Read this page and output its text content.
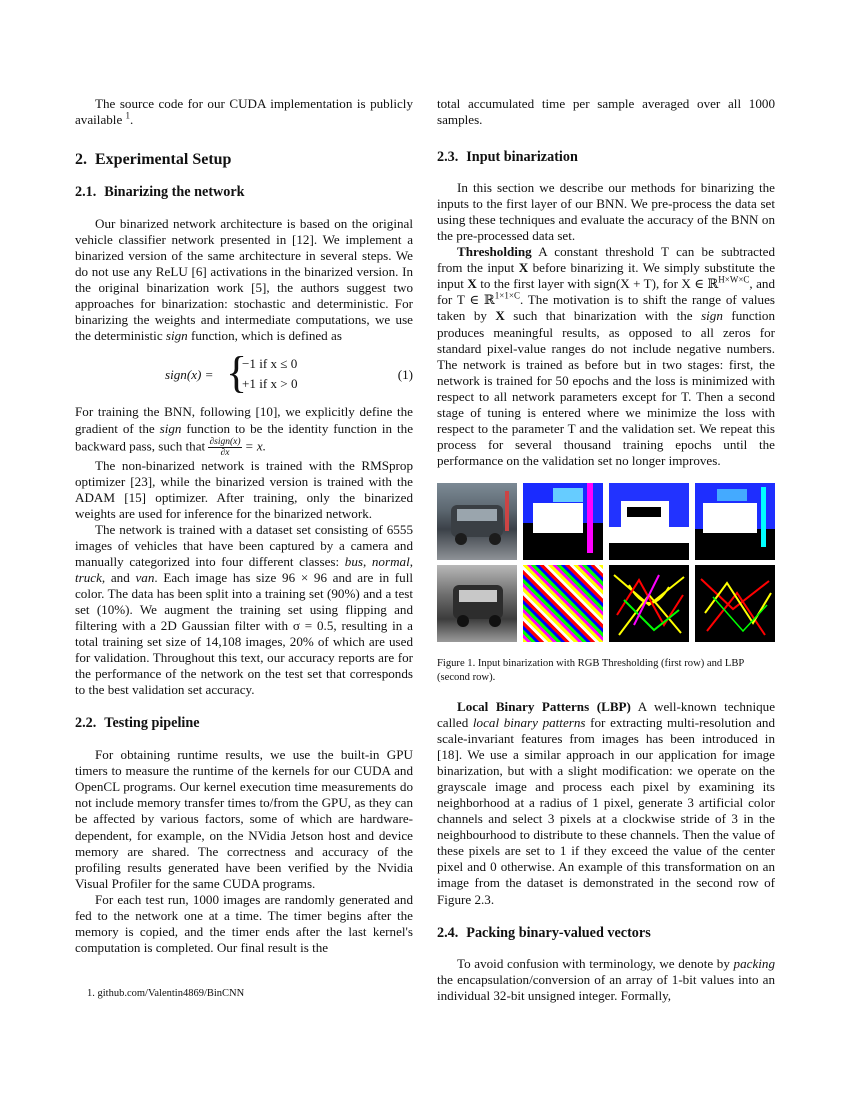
The source code for our CUDA implementation is publicly available $^1$.

2. Experimental Setup
2.1. Binarizing the network

Our binarized network architecture is based on the original vehicle classifier network presented in [12]. We implement a binarized version of the same architecture in several steps. We do not use any ReLU [6] activations in the binarized version. In the original binarization work [5], the authors suggest two approaches for binarization: stochastic and deterministic. For binarizing the weights and intermediate computations, we use the deterministic sign function, which is defined as

sign(x) = {
−1 if x ≤ 0
+1 if x > 0
(1)

For training the BNN, following [10], we explicitly define the gradient of the sign function to be the identity function in the backward pass, such that $\frac{\text{∂sign(x)}}{\partial x} = x$.

The non-binarized network is trained with the RMSprop optimizer [23], while the binarized version is trained with the ADAM [15] optimizer. After training, only the binarized weights are used for inference for the binarized network.

The network is trained with a dataset set consisting of 6555 images of vehicles that have been captured by a camera and manually categorized into four different classes: bus, normal, truck, and van. Each image has size 96 × 96 and are in full color. The data has been split into a training set (90%) and a test set (10%). We augment the training set using flipping and filtering with a 2D Gaussian filter with σ = 0.5, resulting in a total training set size of 14,108 images, 20% of which are used for validation. Throughout this text, our accuracy reports are for the performance of the network on the test set that corresponds to the best validation set accuracy.

2.2. Testing pipeline

For obtaining runtime results, we use the built-in GPU timers to measure the runtime of the kernels for our CUDA and OpenCL programs. Our kernel execution time measurements do not include memory transfer times to/from the GPU, as they can be affected by various factors, some of which are hardware-dependent, for example, on the NVidia Jetson host and device memory are shared. The correctness and accuracy of the profiling results generated have been verified by the Nvidia Visual Profiler for the same CUDA programs.

For each test run, 1000 images are randomly generated and fed to the network one at a time. The timer begins after the memory is copied, and the timer ends after the last kernel's computation is completed. Our final result is the

1. github.com/Valentin4869/BinCNN

total accumulated time per sample averaged over all 1000 samples.

2.3. Input binarization

In this section we describe our methods for binarizing the inputs to the first layer of our BNN. We pre-process the data set using these techniques and evaluate the accuracy of the BNN on the pre-processed data set.

Thresholding A constant threshold T can be subtracted from the input X before binarizing it. We simply substitute the input X to the first layer with sign(X + T), for X ∈ ℝ$^{H\times W\times C}$, and for T ∈ ℝ$^{1\times 1\times C}$. The motivation is to shift the range of values taken by X such that binarization with the sign function produces meaningful results, as opposed to all zeros for standard pixel-value ranges do not include negative numbers. The network is trained as before but in two stages: first, the network is trained for 50 epochs and the loss is minimized with respect to all network parameters except for T. Then a second stage of tuning is entered where we minimize the loss with respect to the parameter T and the validation set. We repeat this process for several thousand training epochs until the performance on the validation set no longer improves.

Figure 1. Input binarization with RGB Thresholding (first row) and LBP (second row).

Local Binary Patterns (LBP) A well-known technique called local binary patterns for extracting multi-resolution and scale-invariant features from images has been introduced in [18]. We use a similar approach in our application for image binarization, but with a slight modification: we operate on the grayscale image and process each pixel by examining its neighborhood at a radius of 1 pixel, generate 3 artificial color channels and select 3 pixels at a clockwise stride of 3 in the neighbourhood to distribute to these channels. Then the value of these pixels are set to 1 if they exceed the value of the center pixel and 0 otherwise. An example of this transformation on an image from the dataset is demonstrated in the second row of Figure 2.3.

2.4. Packing binary-valued vectors

To avoid confusion with terminology, we denote by packing the encapsulation/conversion of an array of 1-bit values into an individual 32-bit unsigned integer. Formally,
